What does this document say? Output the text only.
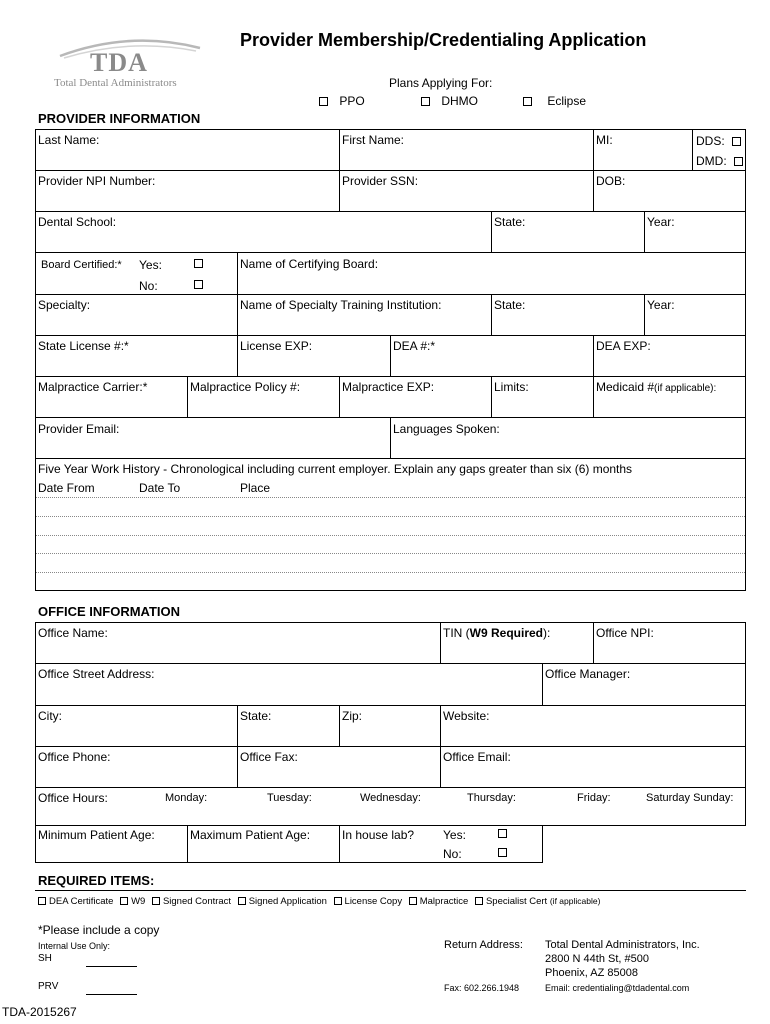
TDA
Total Dental Administrators
Provider Membership/Credentialing Application
Plans Applying For:
PPO	DHMO	Eclipse
PROVIDER INFORMATION
Last Name:	First Name:	MI:	DDS:
DMD:
Provider NPI Number:	Provider SSN:	DOB:
Dental School:	State:	Year:
Board Certified:* Yes:
No:
Name of Certifying Board:
Specialty:	Name of Specialty Training Institution:	State:	Year:
State License #:*	License EXP:	DEA #:*	DEA EXP:
Malpractice Carrier:*	Malpractice Policy #:	Malpractice EXP:	Limits:	Medicaid #(if applicable):
Provider Email:	Languages Spoken:
Five Year Work History - Chronological including current employer. Explain any gaps greater than six (6) months
Date From	Date To	Place
OFFICE INFORMATION
Office Name:	TIN (W9 Required):	Office NPI:
Office Street Address:	Office Manager:
City:	State:	Zip:	Website:
Office Phone:	Office Fax:	Office Email:
Office Hours:	Monday:	Tuesday:	Wednesday:	Thursday:	Friday:	Saturday Sunday:
Minimum Patient Age:	Maximum Patient Age:	In house lab? Yes:
No:
REQUIRED ITEMS:
DEA Certificate W9 Signed Contract Signed Application License Copy Malpractice Specialist Cert (if applicable)
*Please include a copy
Internal Use Only:
SH
PRV
Return Address: Total Dental Administrators, Inc.
2800 N 44th St, #500
Phoenix, AZ 85008
Fax: 602.266.1948	Email: credentialing@tdadental.com
TDA-2015267
